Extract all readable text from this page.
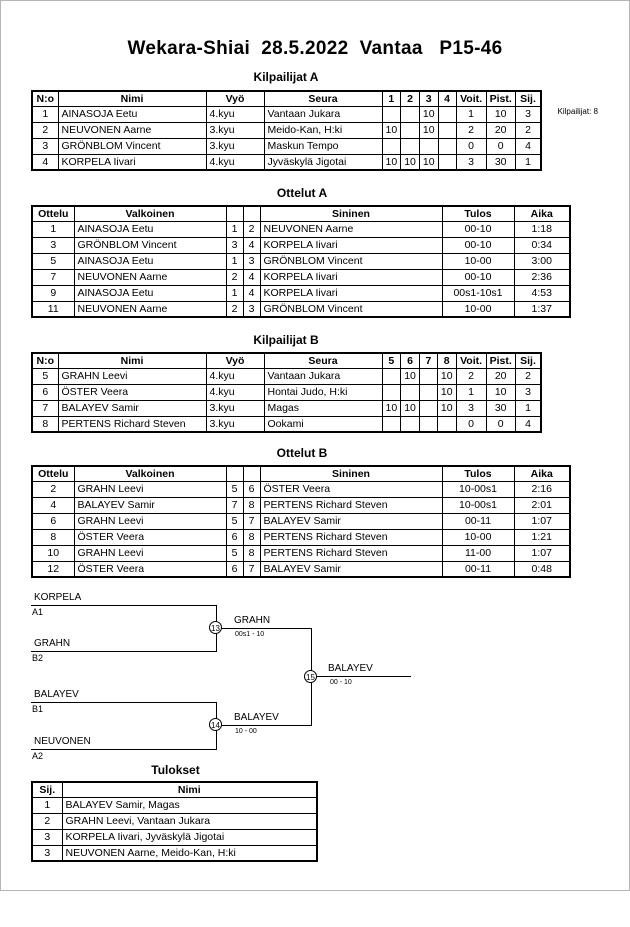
Wekara-Shiai  28.5.2022  Vantaa   P15-46
Kilpailijat: 8
Kilpailijat A
N:o	Nimi	Vyö	Seura	1	2	3	4	Voit.	Pist.	Sij.
1	AINASOJA Eetu	4.kyu	Vantaan Jukara			10		1	10	3
2	NEUVONEN Aarne	3.kyu	Meido-Kan, H:ki	10		10		2	20	2
3	GRÖNBLOM Vincent	3.kyu	Maskun Tempo					0	0	4
4	KORPELA Iivari	4.kyu	Jyväskylä Jigotai	10	10	10		3	30	1
Ottelut A
Ottelu	Valkoinen			Sininen	Tulos	Aika
1	AINASOJA Eetu	1	2	NEUVONEN Aarne	00-10	1:18
3	GRÖNBLOM Vincent	3	4	KORPELA Iivari	00-10	0:34
5	AINASOJA Eetu	1	3	GRÖNBLOM Vincent	10-00	3:00
7	NEUVONEN Aarne	2	4	KORPELA Iivari	00-10	2:36
9	AINASOJA Eetu	1	4	KORPELA Iivari	00s1-10s1	4:53
11	NEUVONEN Aarne	2	3	GRÖNBLOM Vincent	10-00	1:37
Kilpailijat B
N:o	Nimi	Vyö	Seura	5	6	7	8	Voit.	Pist.	Sij.
5	GRAHN Leevi	4.kyu	Vantaan Jukara		10		10	2	20	2
6	ÖSTER Veera	4.kyu	Hontai Judo, H:ki				10	1	10	3
7	BALAYEV Samir	3.kyu	Magas	10	10		10	3	30	1
8	PERTENS Richard Steven	3.kyu	Ookami					0	0	4
Ottelut B
Ottelu	Valkoinen			Sininen	Tulos	Aika
2	GRAHN Leevi	5	6	ÖSTER Veera	10-00s1	2:16
4	BALAYEV Samir	7	8	PERTENS Richard Steven	10-00s1	2:01
6	GRAHN Leevi	5	7	BALAYEV Samir	00-11	1:07
8	ÖSTER Veera	6	8	PERTENS Richard Steven	10-00	1:21
10	GRAHN Leevi	5	8	PERTENS Richard Steven	11-00	1:07
12	ÖSTER Veera	6	7	BALAYEV Samir	00-11	0:48
KORPELA
A1
GRAHN
B2
13
GRAHN
00s1 - 10
BALAYEV
B1
NEUVONEN
A2
14
BALAYEV
10 - 00
15
BALAYEV
00 - 10
Tulokset
Sij.	Nimi
1	BALAYEV Samir, Magas
2	GRAHN Leevi, Vantaan Jukara
3	KORPELA Iivari, Jyväskylä Jigotai
3	NEUVONEN Aarne, Meido-Kan, H:ki
